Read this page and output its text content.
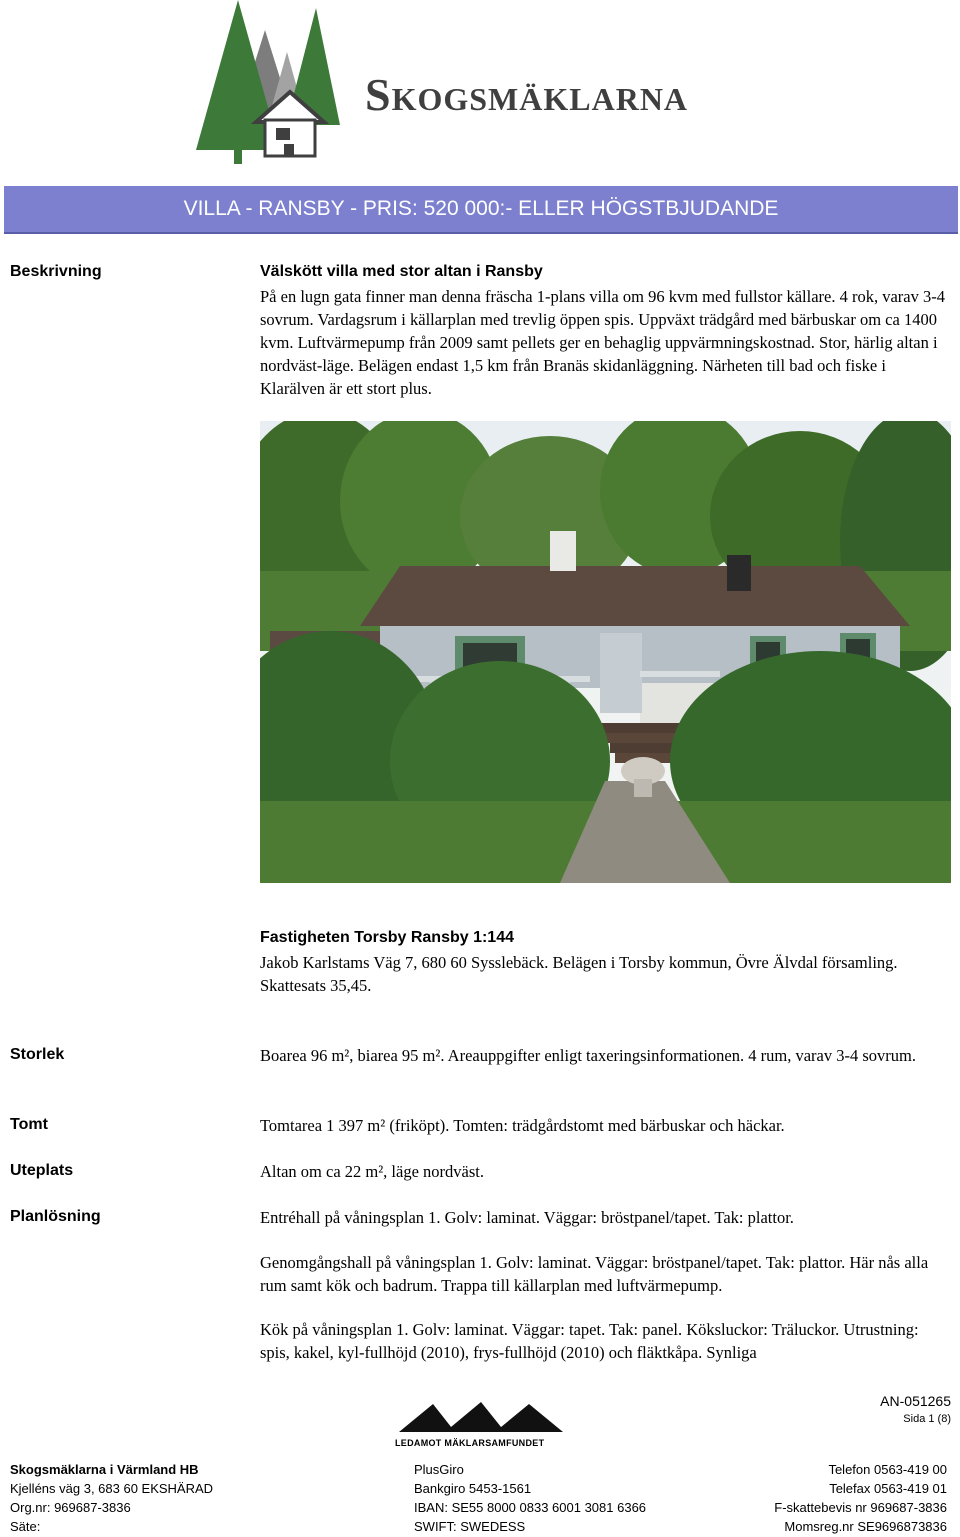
Skogsmäklarna
VILLA - RANSBY - PRIS: 520 000:- ELLER HÖGSTBJUDANDE
Beskrivning	Välskött villa med stor altan i Ransby
På en lugn gata finner man denna fräscha 1-plans villa om 96 kvm med fullstor källare. 4 rok, varav 3-4 sovrum. Vardagsrum i källarplan med trevlig öppen spis. Uppväxt trädgård med bärbuskar om ca 1400 kvm. Luftvärmepump från 2009 samt pellets ger en behaglig uppvärmningskostnad. Stor, härlig altan i nordväst-läge. Belägen endast 1,5 km från Branäs skidanläggning. Närheten till bad och fiske i Klarälven är ett stort plus.
Fastigheten Torsby Ransby 1:144
Jakob Karlstams Väg 7, 680 60 Sysslebäck. Belägen i Torsby kommun, Övre Älvdal församling.
Skattesats 35,45.
Storlek	Boarea 96 m², biarea 95 m². Areauppgifter enligt taxeringsinformationen. 4 rum, varav 3-4 sovrum.
Tomt	Tomtarea 1 397 m² (friköpt). Tomten: trädgårdstomt med bärbuskar och häckar.
Uteplats	Altan om ca 22 m², läge nordväst.
Planlösning	Entréhall på våningsplan 1. Golv: laminat. Väggar: bröstpanel/tapet. Tak: plattor.
Genomgångshall på våningsplan 1. Golv: laminat. Väggar: bröstpanel/tapet. Tak: plattor. Här nås alla rum samt kök och badrum. Trappa till källarplan med luftvärmepump.
Kök på våningsplan 1. Golv: laminat. Väggar: tapet. Tak: panel. Köksluckor: Träluckor. Utrustning: spis, kakel, kyl-fullhöjd (2010), frys-fullhöjd (2010) och fläktkåpa. Synliga
AN-051265
Sida 1 (8)
LEDAMOT MÄKLARSAMFUNDET
Skogsmäklarna i Värmland HB
Kjelléns väg 3, 683 60 EKSHÄRAD
Org.nr: 969687-3836
Säte:
PlusGiro
Bankgiro 5453-1561
IBAN: SE55 8000 0833 6001 3081 6366
SWIFT: SWEDESS
Telefon 0563-419 00
Telefax 0563-419 01
F-skattebevis nr 969687-3836
Momsreg.nr SE9696873836
